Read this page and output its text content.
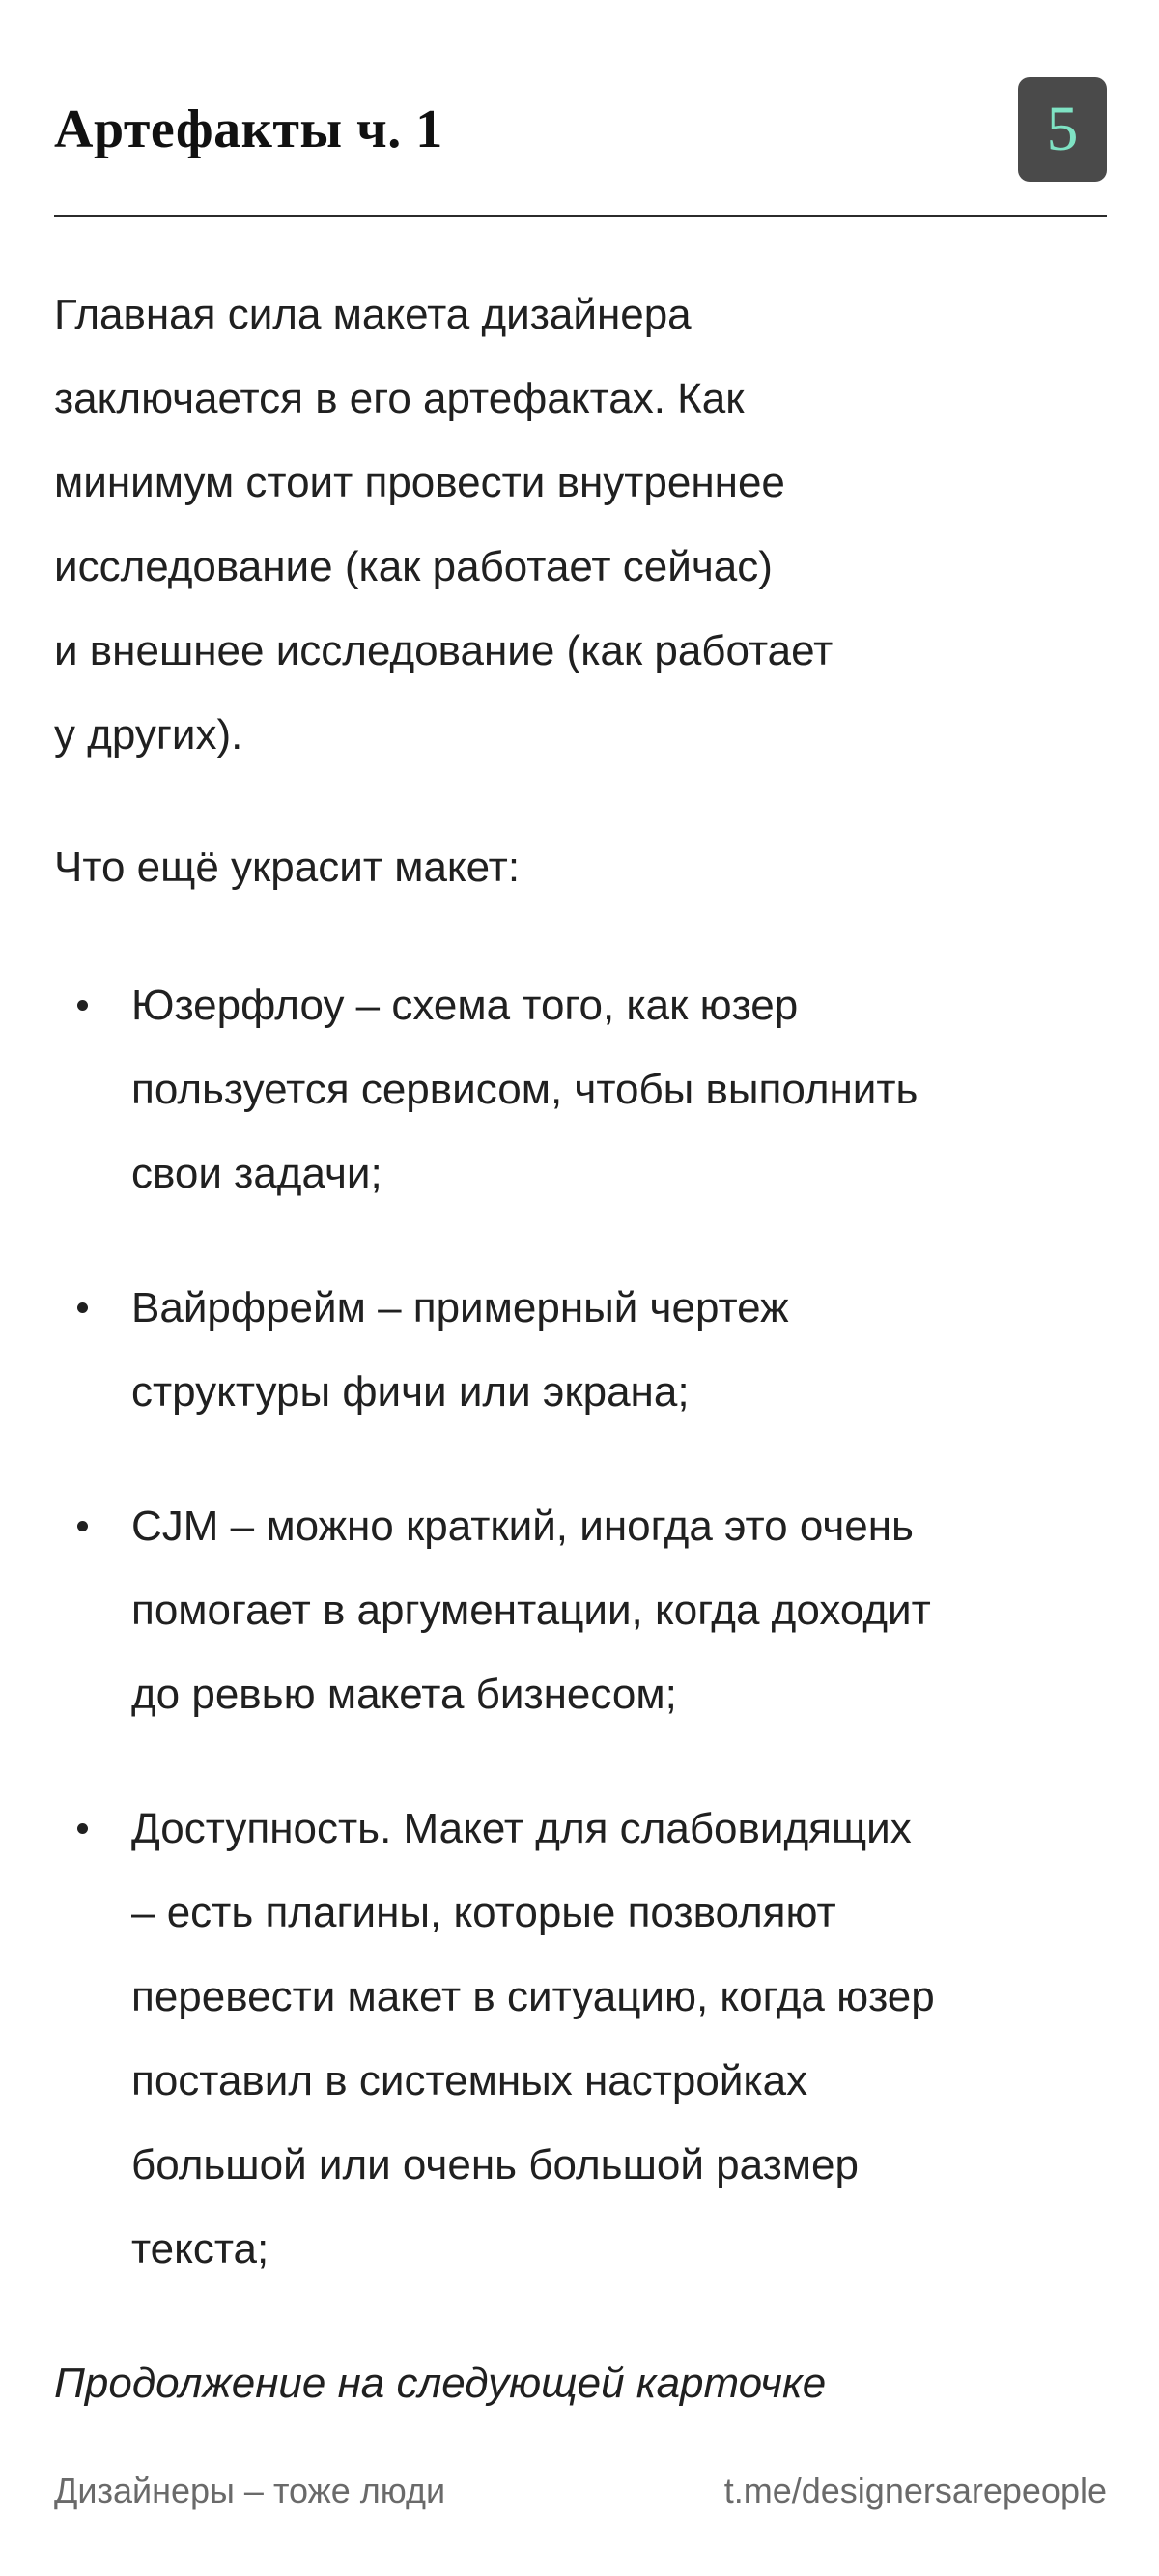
Артефакты ч. 1	5
Главная сила макета дизайнера
заключается в его артефактах. Как
минимум стоит провести внутреннее
исследование (как работает сейчас)
и внешнее исследование (как работает
у других).
Что ещё украсит макет:
Юзерфлоу – схема того, как юзер
пользуется сервисом, чтобы выполнить
свои задачи;
Вайрфрейм – примерный чертеж
структуры фичи или экрана;
CJM – можно краткий, иногда это очень
помогает в аргументации, когда доходит
до ревью макета бизнесом;
Доступность. Макет для слабовидящих
– есть плагины, которые позволяют
перевести макет в ситуацию, когда юзер
поставил в системных настройках
большой или очень большой размер
текста;
Продолжение на следующей карточке
Дизайнеры – тоже люди	t.me/designersarepeople
